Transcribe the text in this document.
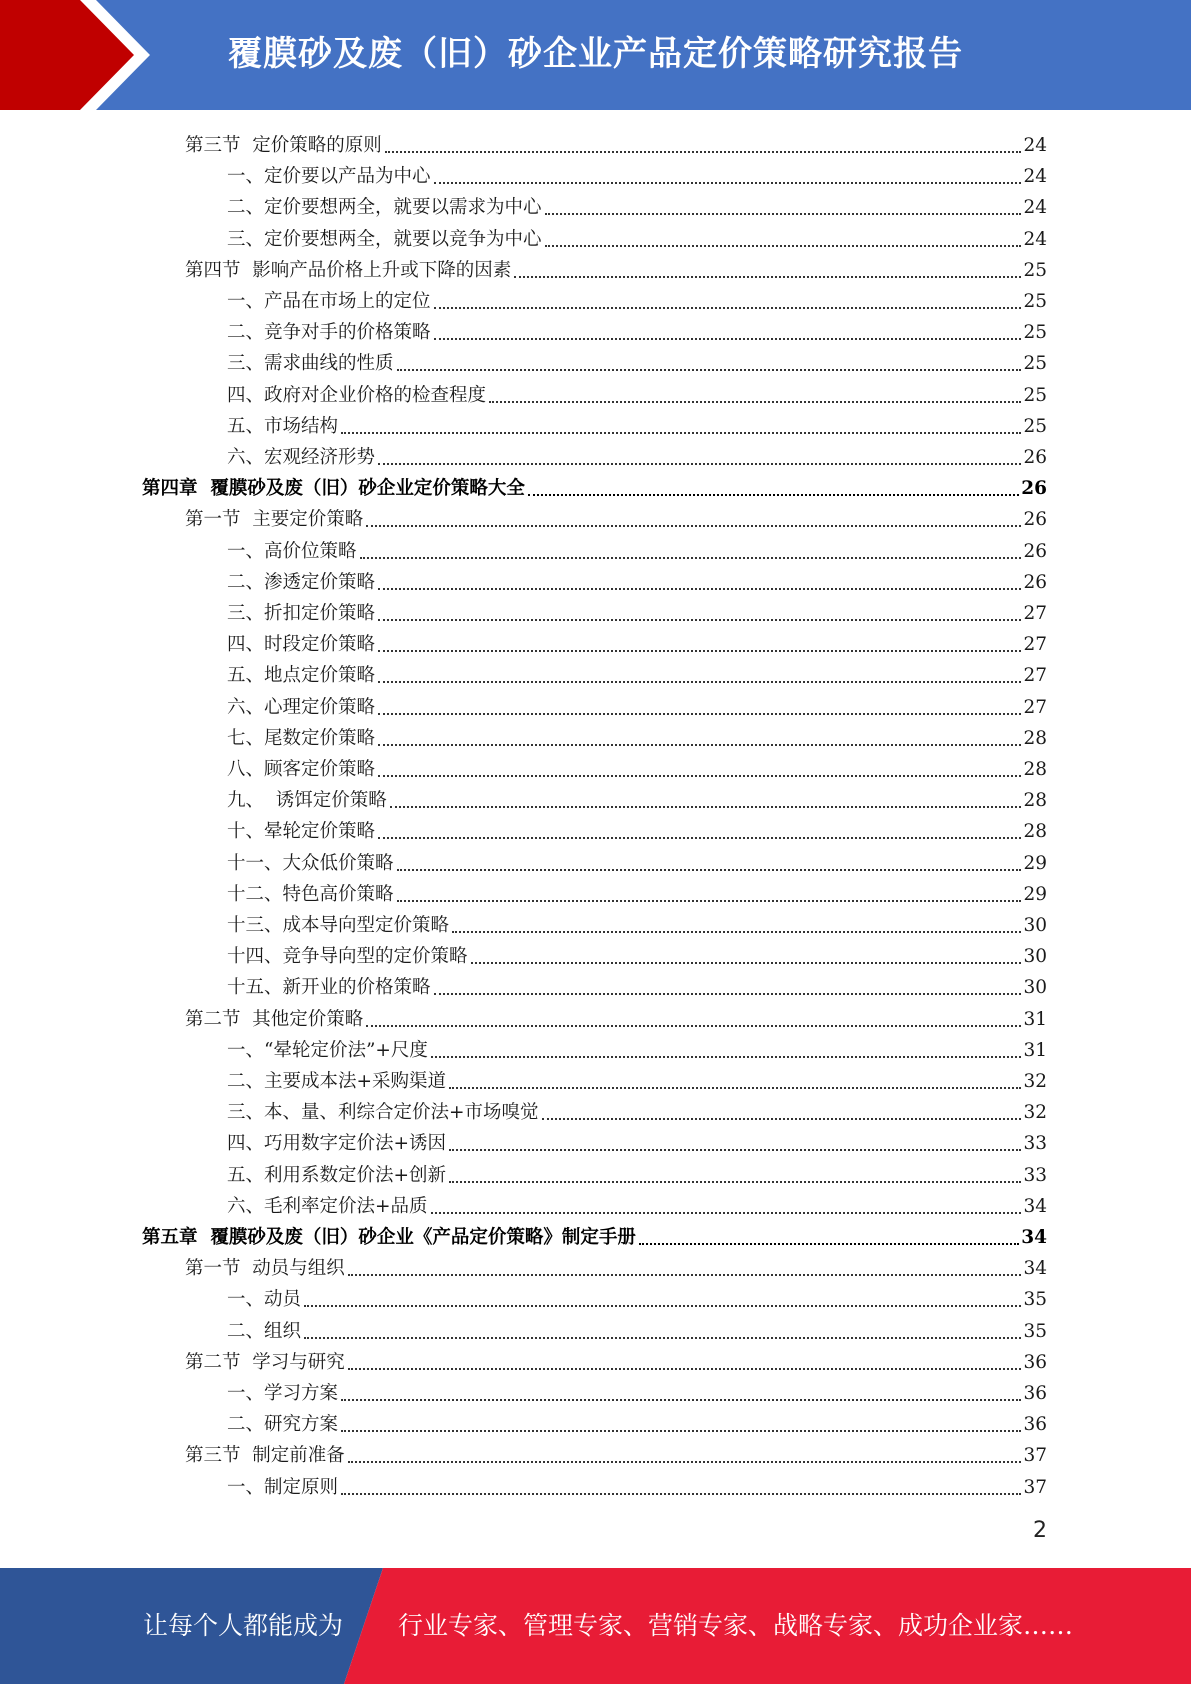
覆膜砂及废（旧）砂企业产品定价策略研究报告
第三节  定价策略的原则	24
一、定价要以产品为中心	24
二、定价要想两全，就要以需求为中心	24
三、定价要想两全，就要以竞争为中心	24
第四节  影响产品价格上升或下降的因素	25
一、产品在市场上的定位	25
二、竞争对手的价格策略	25
三、需求曲线的性质	25
四、政府对企业价格的检查程度	25
五、市场结构	25
六、宏观经济形势	26
第四章  覆膜砂及废（旧）砂企业定价策略大全	26
第一节  主要定价策略	26
一、高价位策略	26
二、渗透定价策略	26
三、折扣定价策略	27
四、时段定价策略	27
五、地点定价策略	27
六、心理定价策略	27
七、尾数定价策略	28
八、顾客定价策略	28
九、  诱饵定价策略	28
十、晕轮定价策略	28
十一、大众低价策略	29
十二、特色高价策略	29
十三、成本导向型定价策略	30
十四、竞争导向型的定价策略	30
十五、新开业的价格策略	30
第二节  其他定价策略	31
一、“晕轮定价法”+尺度	31
二、主要成本法+采购渠道	32
三、本、量、利综合定价法+市场嗅觉	32
四、巧用数字定价法+诱因	33
五、利用系数定价法+创新	33
六、毛利率定价法+品质	34
第五章  覆膜砂及废（旧）砂企业《产品定价策略》制定手册	34
第一节  动员与组织	34
一、动员	35
二、组织	35
第二节  学习与研究	36
一、学习方案	36
二、研究方案	36
第三节  制定前准备	37
一、制定原则	37
2
让每个人都能成为 行业专家、管理专家、营销专家、战略专家、成功企业家……
